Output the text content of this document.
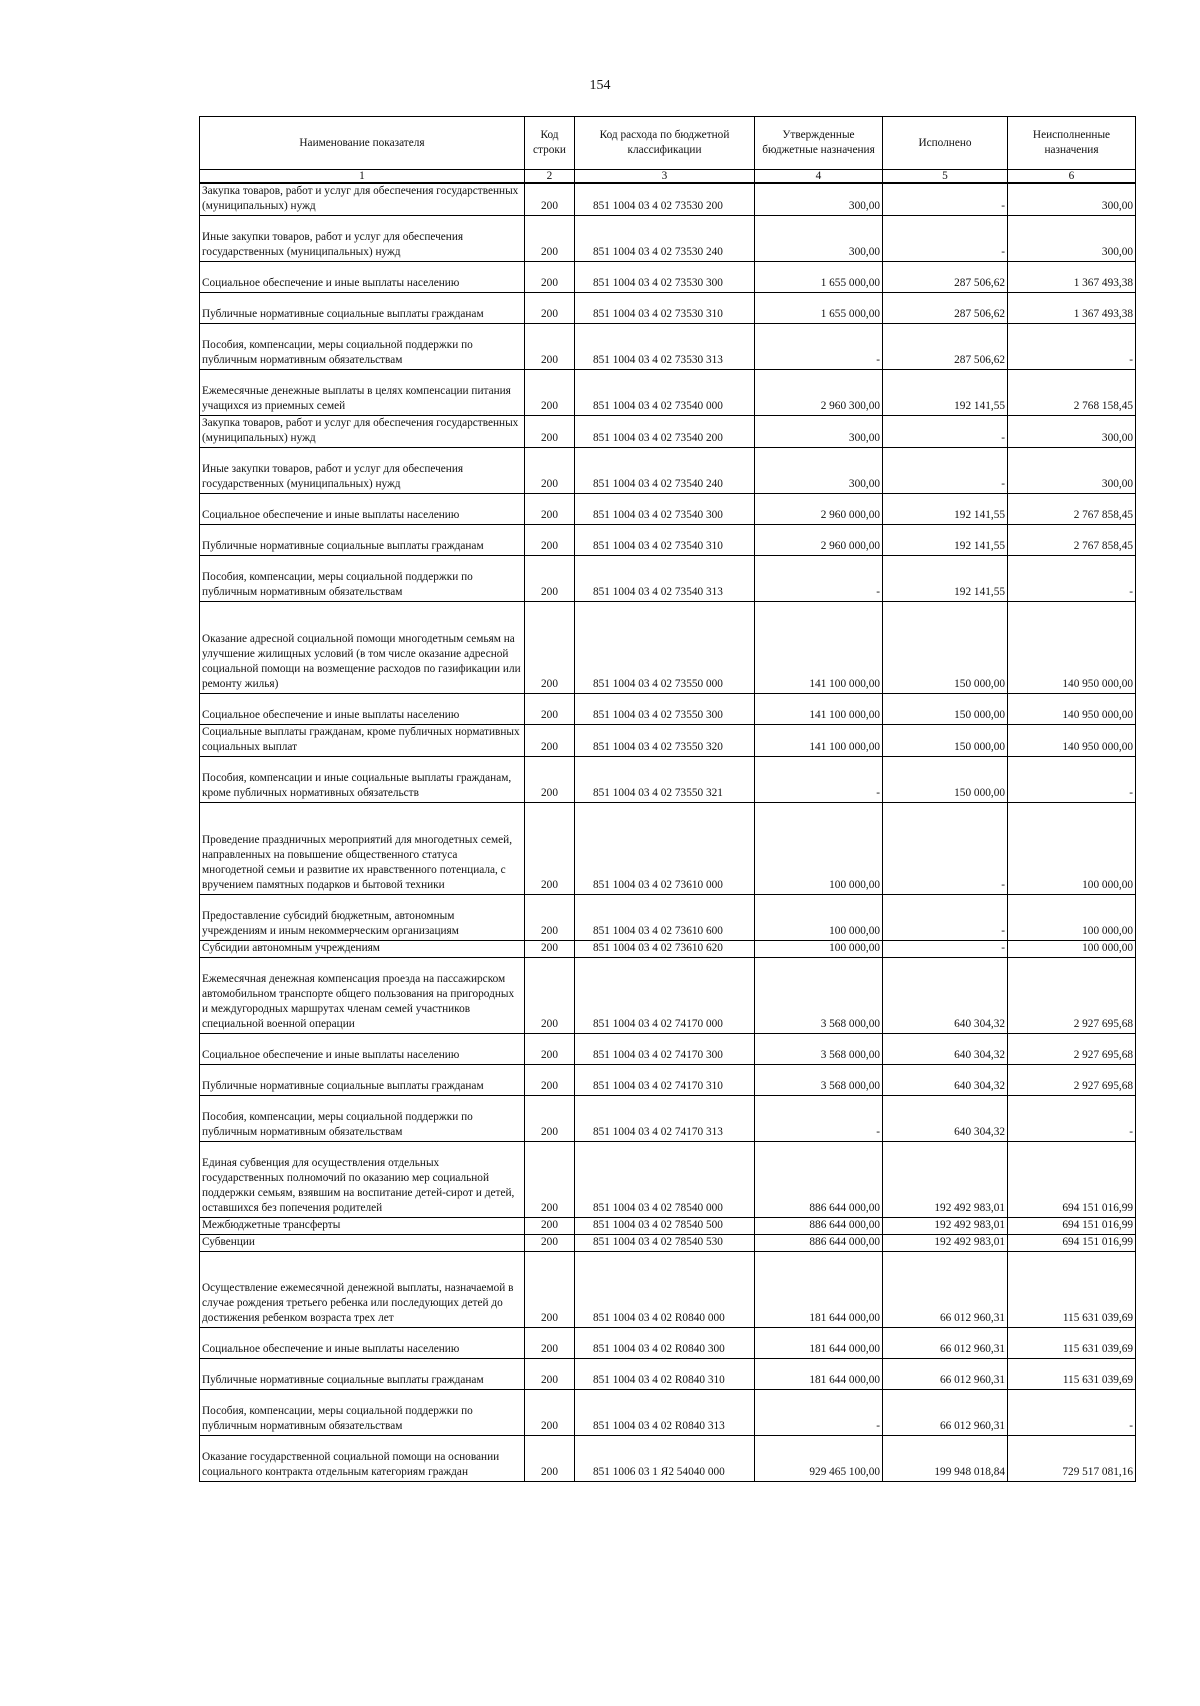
154
Наименование показателя	Код строки	Код расхода по бюджетной классификации	Утвержденные бюджетные назначения	Исполнено	Неисполненные назначения
1	2	3	4	5	6
Закупка товаров, работ и услуг для обеспечения государственных (муниципальных) нужд	200	851 1004 03 4 02 73530 200	300,00	-	300,00
Иные закупки товаров, работ и услуг для обеспечения государственных (муниципальных) нужд	200	851 1004 03 4 02 73530 240	300,00	-	300,00
Социальное обеспечение и иные выплаты населению	200	851 1004 03 4 02 73530 300	1 655 000,00	287 506,62	1 367 493,38
Публичные нормативные социальные выплаты гражданам	200	851 1004 03 4 02 73530 310	1 655 000,00	287 506,62	1 367 493,38
Пособия, компенсации, меры социальной поддержки по публичным нормативным обязательствам	200	851 1004 03 4 02 73530 313	-	287 506,62	-
Ежемесячные денежные выплаты в целях компенсации питания учащихся из приемных семей	200	851 1004 03 4 02 73540 000	2 960 300,00	192 141,55	2 768 158,45
Закупка товаров, работ и услуг для обеспечения государственных (муниципальных) нужд	200	851 1004 03 4 02 73540 200	300,00	-	300,00
Иные закупки товаров, работ и услуг для обеспечения государственных (муниципальных) нужд	200	851 1004 03 4 02 73540 240	300,00	-	300,00
Социальное обеспечение и иные выплаты населению	200	851 1004 03 4 02 73540 300	2 960 000,00	192 141,55	2 767 858,45
Публичные нормативные социальные выплаты гражданам	200	851 1004 03 4 02 73540 310	2 960 000,00	192 141,55	2 767 858,45
Пособия, компенсации, меры социальной поддержки по публичным нормативным обязательствам	200	851 1004 03 4 02 73540 313	-	192 141,55	-
Оказание адресной социальной помощи многодетным семьям на улучшение жилищных условий (в том числе оказание адресной социальной помощи на возмещение расходов по газификации или ремонту жилья)	200	851 1004 03 4 02 73550 000	141 100 000,00	150 000,00	140 950 000,00
Социальное обеспечение и иные выплаты населению	200	851 1004 03 4 02 73550 300	141 100 000,00	150 000,00	140 950 000,00
Социальные выплаты гражданам, кроме публичных нормативных социальных выплат	200	851 1004 03 4 02 73550 320	141 100 000,00	150 000,00	140 950 000,00
Пособия, компенсации и иные социальные выплаты гражданам, кроме публичных нормативных обязательств	200	851 1004 03 4 02 73550 321	-	150 000,00	-
Проведение праздничных мероприятий для многодетных семей, направленных на повышение общественного статуса многодетной семьи и развитие их нравственного потенциала, с вручением памятных подарков и бытовой техники	200	851 1004 03 4 02 73610 000	100 000,00	-	100 000,00
Предоставление субсидий бюджетным, автономным учреждениям и иным некоммерческим организациям	200	851 1004 03 4 02 73610 600	100 000,00	-	100 000,00
Субсидии автономным учреждениям	200	851 1004 03 4 02 73610 620	100 000,00	-	100 000,00
Ежемесячная денежная компенсация проезда на пассажирском автомобильном транспорте общего пользования на пригородных и междугородных маршрутах членам семей участников специальной военной операции	200	851 1004 03 4 02 74170 000	3 568 000,00	640 304,32	2 927 695,68
Социальное обеспечение и иные выплаты населению	200	851 1004 03 4 02 74170 300	3 568 000,00	640 304,32	2 927 695,68
Публичные нормативные социальные выплаты гражданам	200	851 1004 03 4 02 74170 310	3 568 000,00	640 304,32	2 927 695,68
Пособия, компенсации, меры социальной поддержки по публичным нормативным обязательствам	200	851 1004 03 4 02 74170 313	-	640 304,32	-
Единая субвенция для осуществления отдельных государственных полномочий по оказанию мер социальной поддержки семьям, взявшим на воспитание детей-сирот и детей, оставшихся без попечения родителей	200	851 1004 03 4 02 78540 000	886 644 000,00	192 492 983,01	694 151 016,99
Межбюджетные трансферты	200	851 1004 03 4 02 78540 500	886 644 000,00	192 492 983,01	694 151 016,99
Субвенции	200	851 1004 03 4 02 78540 530	886 644 000,00	192 492 983,01	694 151 016,99
Осуществление ежемесячной денежной выплаты, назначаемой в случае рождения третьего ребенка или последующих детей до достижения ребенком возраста трех лет	200	851 1004 03 4 02 R0840 000	181 644 000,00	66 012 960,31	115 631 039,69
Социальное обеспечение и иные выплаты населению	200	851 1004 03 4 02 R0840 300	181 644 000,00	66 012 960,31	115 631 039,69
Публичные нормативные социальные выплаты гражданам	200	851 1004 03 4 02 R0840 310	181 644 000,00	66 012 960,31	115 631 039,69
Пособия, компенсации, меры социальной поддержки по публичным нормативным обязательствам	200	851 1004 03 4 02 R0840 313	-	66 012 960,31	-
Оказание государственной социальной помощи на основании социального контракта отдельным категориям граждан	200	851 1006 03 1 Я2 54040 000	929 465 100,00	199 948 018,84	729 517 081,16
